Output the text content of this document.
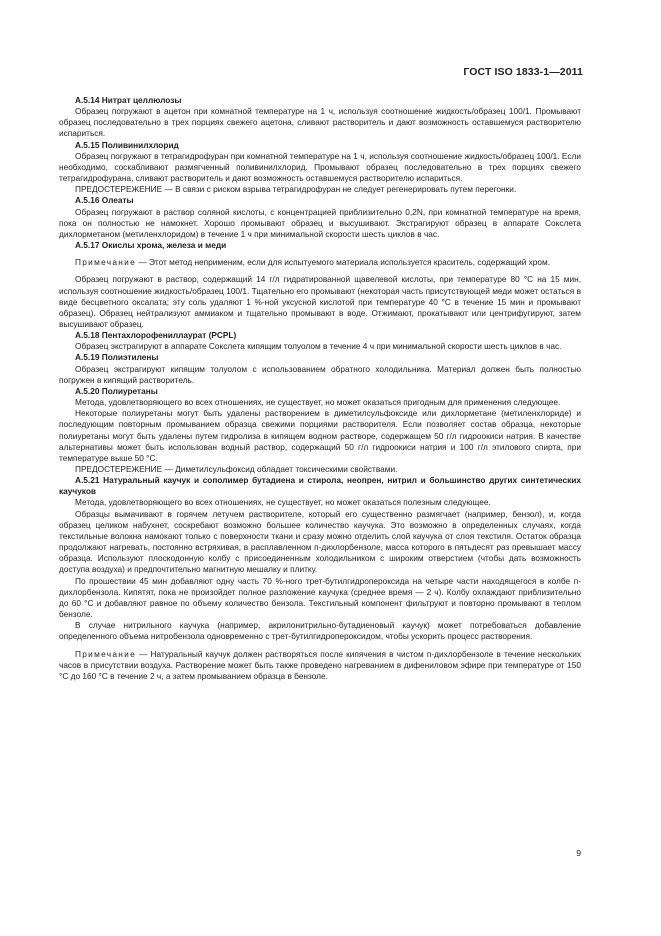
ГОСТ ISO 1833-1—2011

A.5.14 Нитрат целлюлозы

Образец погружают в ацетон при комнатной температуре на 1 ч, используя соотношение жидкость/образец 100/1. Промывают образец последовательно в трех порциях свежего ацетона, сливают растворитель и дают возможность оставшемуся растворителю испариться.

A.5.15 Поливинилхлорид

Образец погружают в тетрагидрофуран при комнатной температуре на 1 ч, используя соотношение жидкость/образец 100/1. Если необходимо, соскабливают размягченный поливинилхлорид. Промывают образец последовательно в трех порциях свежего тетрагидрофурана, сливают растворитель и дают возможность оставшемуся растворителю испариться.

ПРЕДОСТЕРЕЖЕНИЕ — В связи с риском взрыва тетрагидрофуран не следует регенерировать путем перегонки.

A.5.16 Олеаты

Образец погружают в раствор соляной кислоты, с концентрацией приблизительно 0,2N, при комнатной температуре на время, пока он полностью не намокнет. Хорошо промывают образец и высушивают. Экстрагируют образец в аппарате Сокслета дихлорметаном (метиленхлоридом) в течение 1 ч при минимальной скорости шесть циклов в час.

A.5.17 Окислы хрома, железа и меди

Примечание — Этот метод неприменим, если для испытуемого материала используется краситель, содержащий хром.

Образец погружают в раствор, содержащий 14 г/л гидратированной щавелевой кислоты, при температуре 80 °С на 15 мин, используя соотношение жидкость/образец 100/1. Тщательно его промывают (некоторая часть присутствующей меди может остаться в виде бесцветного оксалата; эту соль удаляют 1 %-ной уксусной кислотой при температуре 40 °С в течение 15 мин и промывают образец). Образец нейтрализуют аммиаком и тщательно промывают в воде. Отжимают, прокатывают или центрифугируют, затем высушивают образец.

A.5.18 Пентахлорофениллаурат (PCPL)

Образец экстрагируют в аппарате Сокслета кипящим толуолом в течение 4 ч при минимальной скорости шесть циклов в час.

A.5.19 Полиэтилены

Образец экстрагируют кипящим толуолом с использованием обратного холодильника. Материал должен быть полностью погружен в кипящий растворитель.

A.5.20 Полиуретаны

Метода, удовлетворяющего во всех отношениях, не существует, но может оказаться пригодным для применения следующее.

Некоторые полиуретаны могут быть удалены растворением в диметилсульфоксиде или дихлорметане (метиленхлориде) и последующим повторным промыванием образца свежими порциями растворителя. Если позволяет состав образца, некоторые полиуретаны могут быть удалены путем гидролиза в кипящем водном растворе, содержащем 50 г/л гидроокиси натрия. В качестве альтернативы может быть использован водный раствор, содержащий 50 г/л гидроокиси натрия и 100 г/л этилового спирта, при температуре выше 50 °С.

ПРЕДОСТЕРЕЖЕНИЕ — Диметилсульфоксид обладает токсическими свойствами.

A.5.21 Натуральный каучук и сополимер бутадиена и стирола, неопрен, нитрил и большинство других синтетических каучуков

Метода, удовлетворяющего во всех отношениях, не существует, но может оказаться полезным следующее.

Образцы вымачивают в горячем летучем растворителе, который его существенно размягчает (например, бензол), и, когда образец целиком набухнет, соскребают возможно большее количество каучука. Это возможно в определенных случаях, когда текстильные волокна намокают только с поверхности ткани и сразу можно отделить слой каучука от слоя текстиля. Остаток образца продолжают нагревать, постоянно встряхивая, в расплавленном п-дихлорбензоле, масса которого в пятьдесят раз превышает массу образца. Используют плоскодонную колбу с присоединенным холодильником с широким отверстием (чтобы дать возможность доступа воздуха) и предпочтительно магнитную мешалку и плитку.

По прошествии 45 мин добавляют одну часть 70 %-ного трет-бутилгидропероксида на четыре части находящегося в колбе п-дихлорбензола. Кипятят, пока не произойдет полное разложение каучука (среднее время — 2 ч). Колбу охлаждают приблизительно до 60 °С и добавляют равное по объему количество бензола. Текстильный компонент фильтруют и повторно промывают в теплом бензоле.

В случае нитрильного каучука (например, акрилонитрильно-бутадиеновый каучук) может потребоваться добавление определенного объема нитробензола одновременно с трет-бутилгидропероксидом, чтобы ускорить процесс растворения.

Примечание — Натуральный каучук должен растворяться после кипячения в чистом п-дихлорбензоле в течение нескольких часов в присутствии воздуха. Растворение может быть также проведено нагреванием в дифениловом эфире при температуре от 150 °С до 160 °С в течение 2 ч, а затем промыванием образца в бензоле.

9
